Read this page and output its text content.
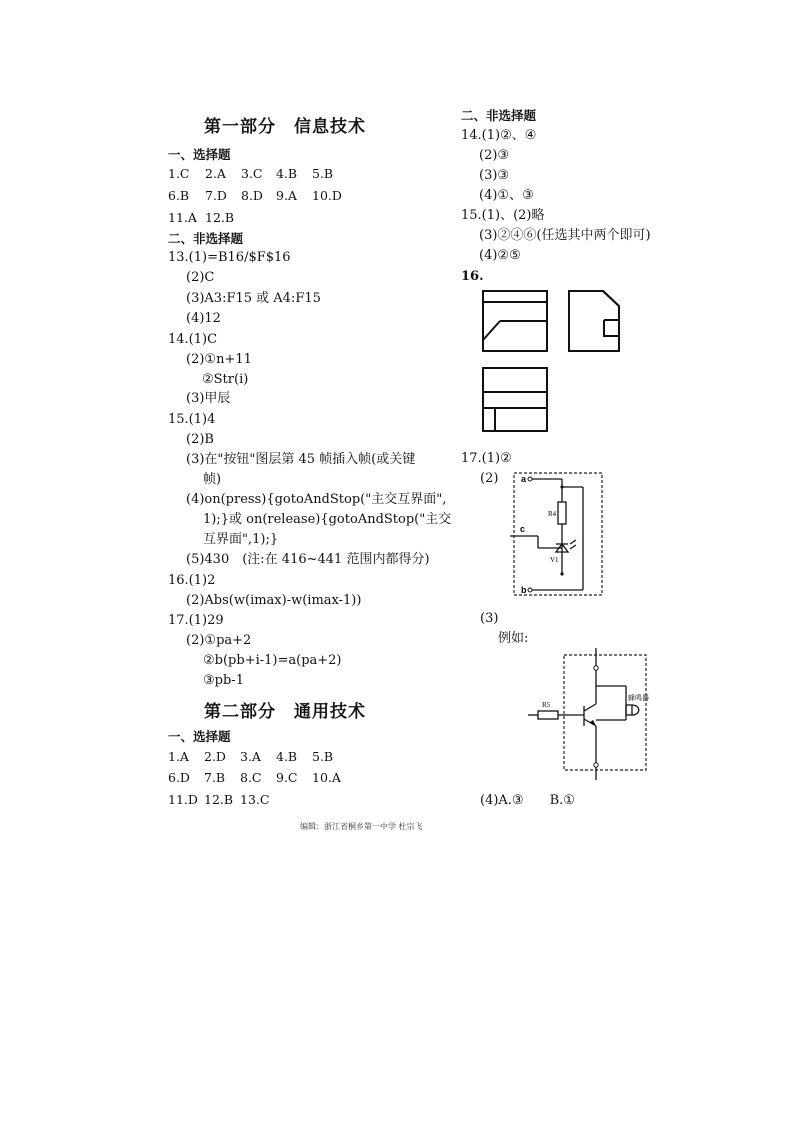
第一部分　信息技术
一、选择题
1.C 2.A 3.C 4.B 5.B
6.B 7.D 8.D 9.A 10.D
11.A 12.B
二、非选择题
13.(1)=B16/$F$16
(2)C
(3)A3:F15 或 A4:F15
(4)12
14.(1)C
(2)①n+11
②Str(i)
(3)甲辰
15.(1)4
(2)B
(3)在"按钮"图层第 45 帧插入帧(或关键
帧)
(4)on(press){gotoAndStop("主交互界面",
1);}或 on(release){gotoAndStop("主交
互界面",1);}
(5)430　(注:在 416~441 范围内都得分)
16.(1)2
(2)Abs(w(imax)-w(imax-1))
17.(1)29
(2)①pa+2
②b(pb+i-1)=a(pa+2)
③pb-1
第二部分　通用技术
一、选择题
1.A 2.D 3.A 4.B 5.B
6.D 7.B 8.C 9.C 10.A
11.D 12.B 13.C
二、非选择题
14.(1)②、④
(2)③
(3)③
(4)①、③
15.(1)、(2)略
(3)②④⑥(任选其中两个即可)
(4)②⑤
16.
17.(1)②
(2)	a
b
c
R4
V1
(3)
例如:
R5
蜂鸣器
(4)A.③　　B.①
编辑：浙江省桐乡第一中学 杜宗飞
